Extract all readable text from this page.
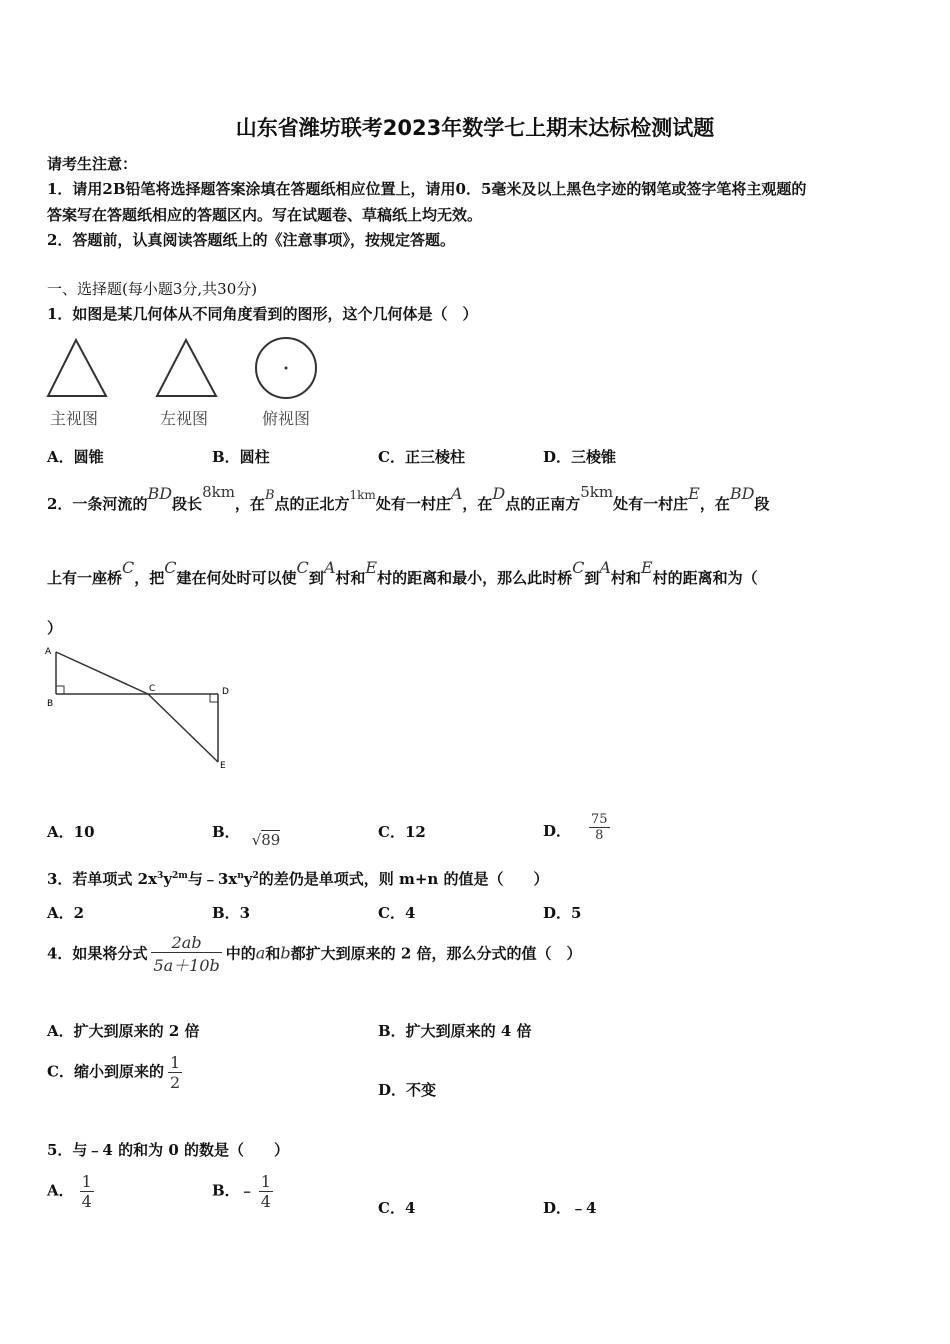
山东省潍坊联考2023年数学七上期末达标检测试题
请考生注意：
1．请用2B铅笔将选择题答案涂填在答题纸相应位置上，请用0．5毫米及以上黑色字迹的钢笔或签字笔将主观题的
答案写在答题纸相应的答题区内。写在试题卷、草稿纸上均无效。
2．答题前，认真阅读答题纸上的《注意事项》，按规定答题。
一、选择题(每小题3分,共30分)
1．如图是某几何体从不同角度看到的图形，这个几何体是（　）
主视图	左视图	俯视图
A．圆锥	B．圆柱	C．正三棱柱	D．三棱锥
2．一条河流的BD段长8km，在B点的正北方$^{1km}$处有一村庄A，在D点的正南方5km处有一村庄E，在BD段
上有一座桥C，把C建在何处时可以使C到A村和E村的距离和最小，那么此时桥C到A村和E村的距离和为（
）
A
B
C	D
E
A．10	B． √89	C．12	D． $\frac{75}{8}$
3．若单项式 $2x^3y^{2m}$与$﹣3x^ny^2$的差仍是单项式，则 m+n 的值是（　　）
A．2	B．3	C．4	D．5
4．如果将分式 $\frac{2ab}{5a+10b}$ 中的a和b都扩大到原来的 2 倍，那么分式的值（　）
A．扩大到原来的 2 倍	B．扩大到原来的 4 倍
C．缩小到原来的 $\frac{1}{2}$	D．不变
5．与﹣4 的和为 0 的数是（　　）
A． $\frac{1}{4}$	B．﹣ $\frac{1}{4}$	C．4	D．﹣4
